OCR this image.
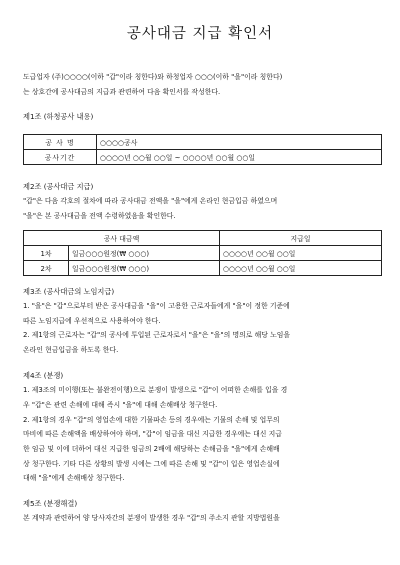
공사대금 지급 확인서
도급업자 (주)○○○○(이하 "갑"이라 칭한다)와 하청업자 ○○○(이하 "을"이라 칭한다)
는 상호간에 공사대금의 지급과 관련하여 다음 확인서를 작성한다.
제1조 (하청공사 내용)
공 사 명	○○○○공사
공사기간	○○○○년 ○○월 ○○일 ~ ○○○○년 ○○월 ○○일
제2조 (공사대금 지급)
"갑"은 다음 각호의 절차에 따라 공사대금 전액을 "을"에게 온라인 현금입금 하였으며
"을"은 본 공사대금을 전액 수령하였음을 확인한다.
공사 대금액		지급일
1차	일금○○○원정(₩ ○○○)	○○○○년 ○○월 ○○일
2차	일금○○○원정(₩ ○○○)	○○○○년 ○○월 ○○일
제3조 (공사대금의 노임지급)
1. "을"은 "갑"으로부터 받은 공사대금을 "을"이 고용한 근로자들에게 "을"이 정한 기준에
따른 노임지급에 우선적으로 사용하여야 한다.
2. 제1항의 근로자는 "갑"의 공사에 투입된 근로자로서 "을"은 "을"의 명의로 해당 노임을
온라인 현금입금을 하도록 한다.
제4조 (분쟁)
1. 제3조의 미이행(또는 불완전이행)으로 분쟁이 발생으로 "갑"이 어떠한 손해를 입을 경
우 "갑"은 관련 손해에 대해 즉시 "을"에 대해 손해배상 청구한다.
2. 제1항의 경우 "갑"의 영업손에 대한 기물파손 등의 경우에는 기물의 손해 및 업무의
마비에 따른 손해액을 배상하여야 하며, "갑"이 임금을 대신 지급한 경우에는 대신 지급
한 임금 및 이에 더하여 대신 지급한 임금의 2배에 해당하는 손해금을 "을"에게 손해배
상 청구한다. 기타 다른 상황의 발생 시에는 그에 따른 손해 및 "갑"이 입은 영업손실에
대해 "을"에게 손해배상 청구한다.
제5조 (분쟁해결)
본 계약과 관련하여 양 당사자간의 분쟁이 발생한 경우 "갑"의 주소지 관할 지방법원을
